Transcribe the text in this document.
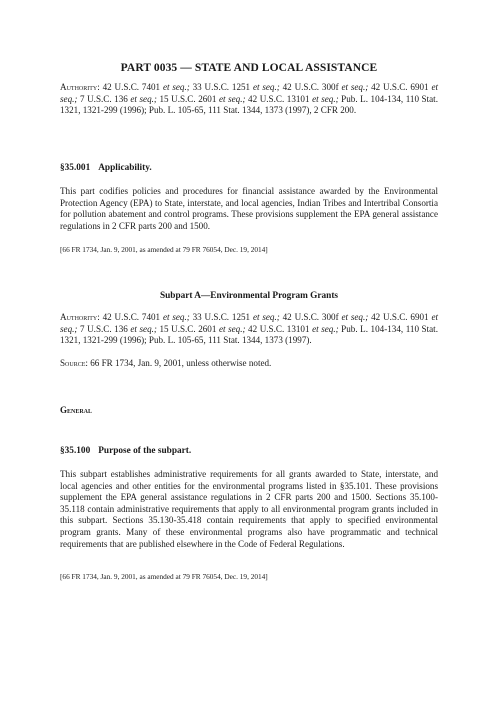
PART 0035 — STATE AND LOCAL ASSISTANCE

Authority: 42 U.S.C. 7401 et seq.; 33 U.S.C. 1251 et seq.; 42 U.S.C. 300f et seq.; 42 U.S.C. 6901 et seq.; 7 U.S.C. 136 et seq.; 15 U.S.C. 2601 et seq.; 42 U.S.C. 13101 et seq.; Pub. L. 104-134, 110 Stat. 1321, 1321-299 (1996); Pub. L. 105-65, 111 Stat. 1344, 1373 (1997), 2 CFR 200.

§35.001 Applicability.

This part codifies policies and procedures for financial assistance awarded by the Environmental Protection Agency (EPA) to State, interstate, and local agencies, Indian Tribes and Intertribal Consortia for pollution abatement and control programs. These provisions supplement the EPA general assistance regulations in 2 CFR parts 200 and 1500.

[66 FR 1734, Jan. 9, 2001, as amended at 79 FR 76054, Dec. 19, 2014]

Subpart A—Environmental Program Grants

Authority: 42 U.S.C. 7401 et seq.; 33 U.S.C. 1251 et seq.; 42 U.S.C. 300f et seq.; 42 U.S.C. 6901 et seq.; 7 U.S.C. 136 et seq.; 15 U.S.C. 2601 et seq.; 42 U.S.C. 13101 et seq.; Pub. L. 104-134, 110 Stat. 1321, 1321-299 (1996); Pub. L. 105-65, 111 Stat. 1344, 1373 (1997).

Source: 66 FR 1734, Jan. 9, 2001, unless otherwise noted.

General
§35.100 Purpose of the subpart.

This subpart establishes administrative requirements for all grants awarded to State, interstate, and local agencies and other entities for the environmental programs listed in §35.101. These provisions supplement the EPA general assistance regulations in 2 CFR parts 200 and 1500. Sections 35.100-35.118 contain administrative requirements that apply to all environmental program grants included in this subpart. Sections 35.130-35.418 contain requirements that apply to specified environmental program grants. Many of these environmental programs also have programmatic and technical requirements that are published elsewhere in the Code of Federal Regulations.

[66 FR 1734, Jan. 9, 2001, as amended at 79 FR 76054, Dec. 19, 2014]
